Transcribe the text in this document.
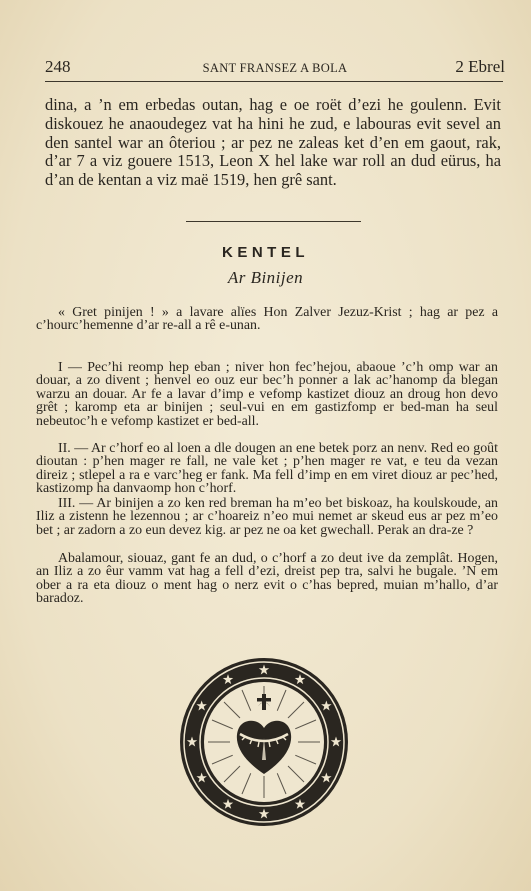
248	SANT FRANSEZ A BOLA	2 Ebrel

dina, a ’n em erbedas outan, hag e oe roët d’ezi he goulenn. Evit diskouez he anaoudegez vat ha hini he zud, e labouras evit sevel an den santel war an ôteriou ; ar pez ne zaleas ket d’en em gaout, rak, d’ar 7 a viz gouere 1513, Leon X hel lake war roll an dud eürus, ha d’an de kentan a viz maë 1519, hen grê sant.

KENTEL
Ar Binijen

« Gret pinijen ! » a lavare alïes Hon Zalver Jezuz-Krist ; hag ar pez a c’hourc’hemenne d’ar re-all a rê e-unan.

I — Pec’hi reomp hep eban ; niver hon fec’hejou, abaoue ’c’h omp war an douar, a zo divent ; henvel eo ouz eur bec’h ponner a lak ac’hanomp da blegan warzu an douar. Ar fe a lavar d’imp e vefomp kastizet diouz an droug hon devo grêt ; karomp eta ar binijen ; seul-vui en em gastizfomp er bed-man ha seul nebeutoc’h e vefomp kastizet er bed-all.

II. — Ar c’horf eo al loen a dle dougen an ene betek porz an nenv. Red eo goût dioutan : p’hen mager re fall, ne vale ket ; p’hen mager re vat, e teu da vezan direiz ; stlepel a ra e varc’heg er fank. Ma fell d’imp en em viret diouz ar pec’hed, kastizomp ha danvaomp hon c’horf.

III. — Ar binijen a zo ken red breman ha m’eo bet biskoaz, ha koulskoude, an Iliz a zistenn he lezennou ; ar c’hoareiz n’eo mui nemet ar skeud eus ar pez m’eo bet ; ar zadorn a zo eun devez kig. ar pez ne oa ket gwechall. Perak an dra-ze ?

Abalamour, siouaz, gant fe an dud, o c’horf a zo deut ive da zemplât. Hogen, an Iliz a zo êur vamm vat hag a fell d’ezi, dreist pep tra, salvi he bugale. ’N em ober a ra eta diouz o ment hag o nerz evit o c’has bepred, muian m’hallo, d’ar baradoz.
